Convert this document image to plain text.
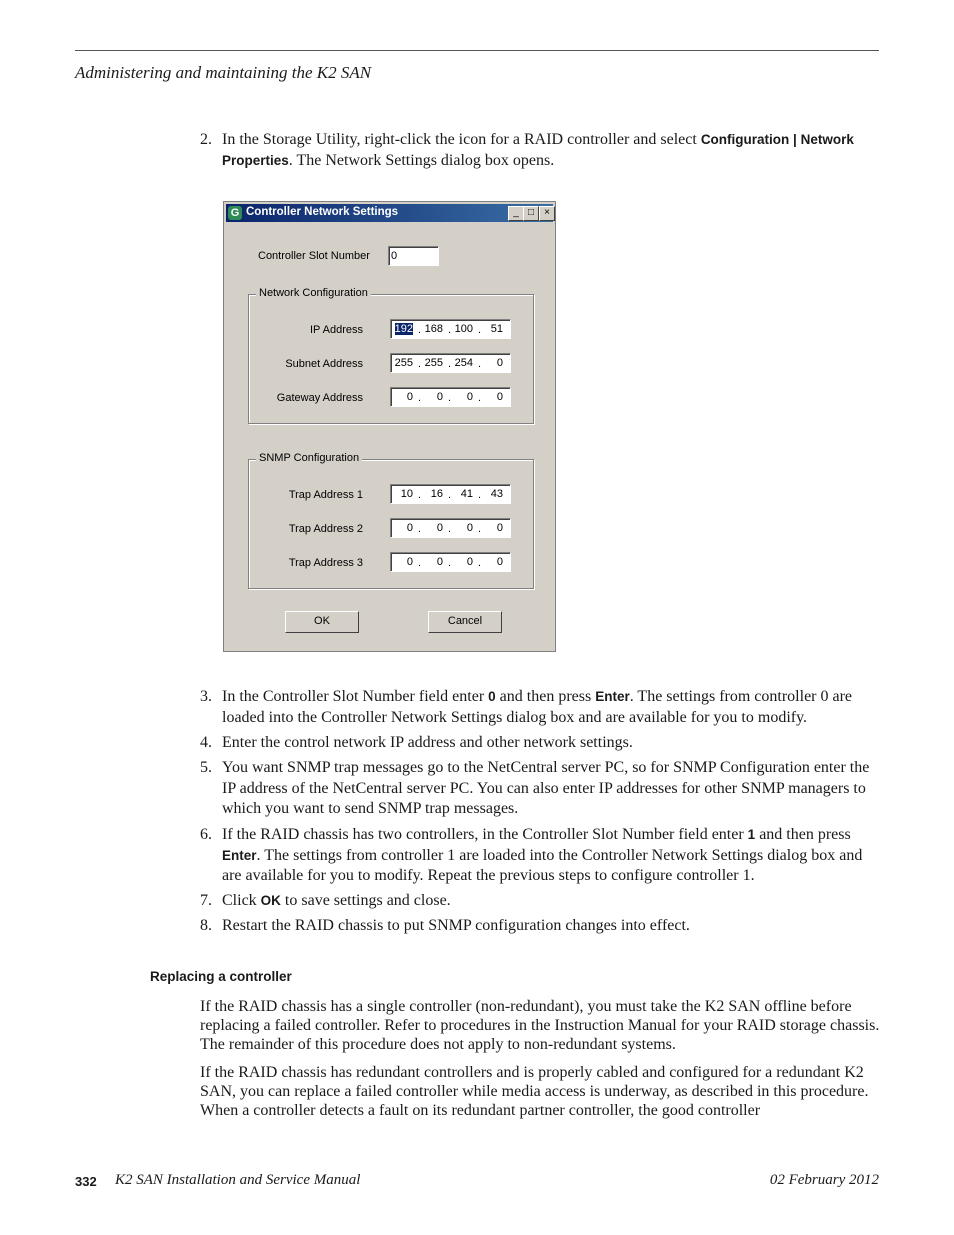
Administering and maintaining the K2 SAN
2. In the Storage Utility, right-click the icon for a RAID controller and select Configuration | Network Properties. The Network Settings dialog box opens.
G Controller Network Settings	_ □	×
Controller Slot Number 0
Network Configuration
IP Address	192 . 168 . 100 . 51
Subnet Address	255 . 255 . 254 .	0
Gateway Address	0 .	0 .	0 .	0
SNMP Configuration
Trap Address 1	10 . 16 . 41 . 43
Trap Address 2	0 .	0 .	0 .	0
Trap Address 3	0 .	0 .	0 .	0
OK	Cancel
3. In the Controller Slot Number field enter 0 and then press Enter. The settings from controller 0 are loaded into the Controller Network Settings dialog box and are available for you to modify.
4. Enter the control network IP address and other network settings.
5. You want SNMP trap messages go to the NetCentral server PC, so for SNMP Configuration enter the IP address of the NetCentral server PC. You can also enter IP addresses for other SNMP managers to which you want to send SNMP trap messages.
6. If the RAID chassis has two controllers, in the Controller Slot Number field enter 1 and then press Enter. The settings from controller 1 are loaded into the Controller Network Settings dialog box and are available for you to modify. Repeat the previous steps to configure controller 1.
7. Click OK to save settings and close.
8. Restart the RAID chassis to put SNMP configuration changes into effect.
Replacing a controller
If the RAID chassis has a single controller (non-redundant), you must take the K2 SAN offline before replacing a failed controller. Refer to procedures in the Instruction Manual for your RAID storage chassis. The remainder of this procedure does not apply to non-redundant systems.
If the RAID chassis has redundant controllers and is properly cabled and configured for a redundant K2 SAN, you can replace a failed controller while media access is underway, as described in this procedure. When a controller detects a fault on its redundant partner controller, the good controller
332 K2 SAN Installation and Service Manual	02 February 2012
